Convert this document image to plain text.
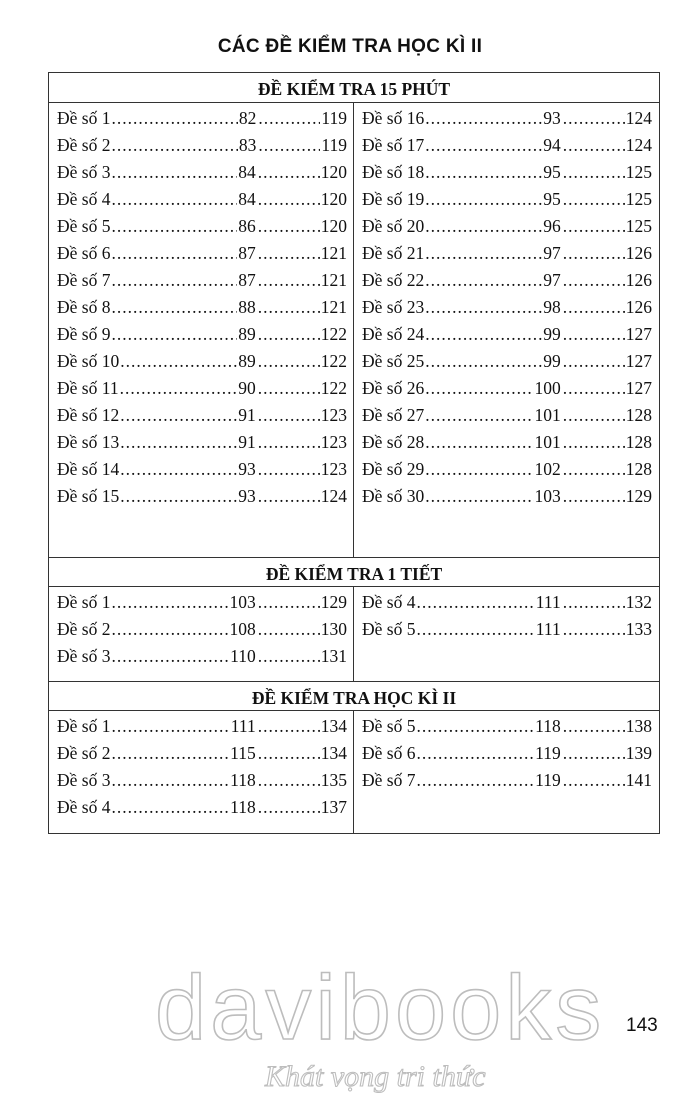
CÁC ĐỀ KIỂM TRA HỌC KÌ II
ĐỀ KIỂM TRA 15 PHÚT
Đề số 1 .....	82 .....	119
Đề số 2 .....	83 .....	119
Đề số 3 .....	84 .....	120
Đề số 4 .....	84 .....	120
Đề số 5 .....	86 .....	120
Đề số 6 .....	87 .....	121
Đề số 7 .....	87 .....	121
Đề số 8 .....	88 .....	121
Đề số 9 .....	89 .....	122
Đề số 10 .....	89 .....	122
Đề số 11 .....	90 .....	122
Đề số 12 .....	91 .....	123
Đề số 13 .....	91 .....	123
Đề số 14 .....	93 .....	123
Đề số 15 .....	93 .....	124
Đề số 16 .....	93 .....	124
Đề số 17 .....	94 .....	124
Đề số 18 .....	95 .....	125
Đề số 19 .....	95 .....	125
Đề số 20 .....	96 .....	125
Đề số 21 .....	97 .....	126
Đề số 22 .....	97 .....	126
Đề số 23 .....	98 .....	126
Đề số 24 .....	99 .....	127
Đề số 25 .....	99 .....	127
Đề số 26 .....	100 .....	127
Đề số 27 .....	101 .....	128
Đề số 28 .....	101 .....	128
Đề số 29 .....	102 .....	128
Đề số 30 .....	103 .....	129
ĐỀ KIỂM TRA 1 TIẾT
Đề số 1 .....	103 .....	129
Đề số 2 .....	108 .....	130
Đề số 3 .....	110 .....	131
Đề số 4 .....	111 .....	132
Đề số 5 .....	111 .....	133
ĐỀ KIỂM TRA HỌC KÌ II
Đề số 1 .....	111 .....	134
Đề số 2 .....	115 .....	134
Đề số 3 .....	118 .....	135
Đề số 4 .....	118 .....	137
Đề số 5 .....	118 .....	138
Đề số 6 .....	119 .....	139
Đề số 7 .....	119 .....	141
davibooks
Khát vọng tri thức
143
